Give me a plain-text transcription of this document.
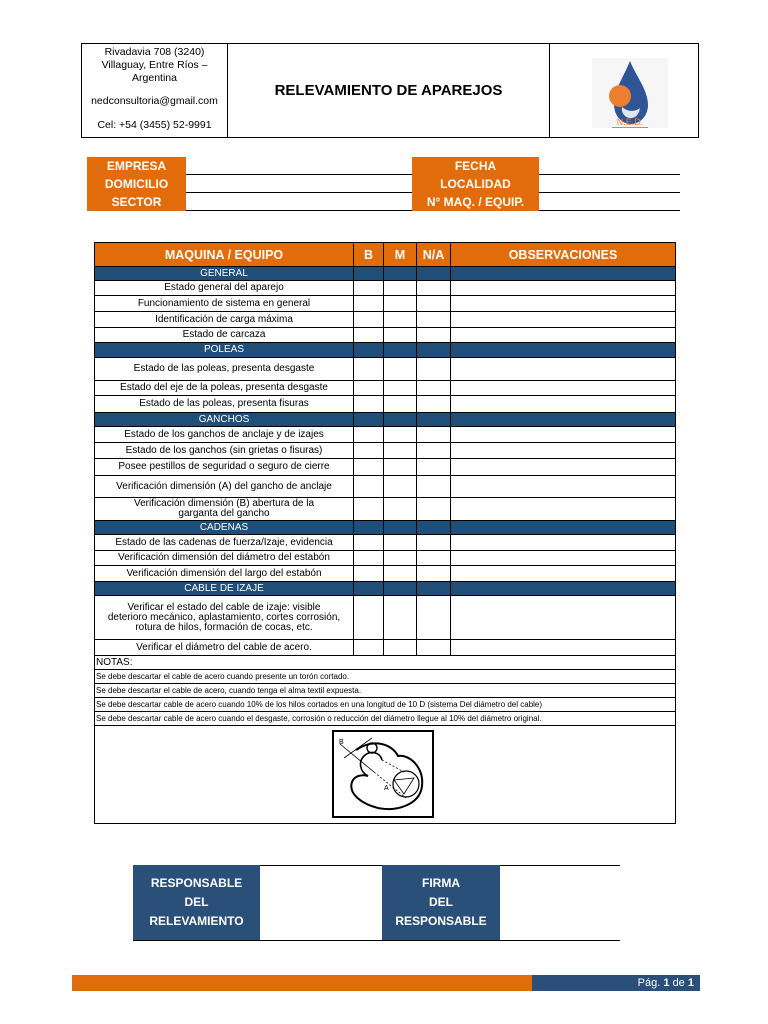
Rivadavia 708 (3240)
Villaguay, Entre Ríos –
Argentina
nedconsultoria@gmail.com
Cel: +54 (3455) 52-9991
RELEVAMIENTO DE APAREJOS
N.E.D.
EMPRESA
DOMICILIO
SECTOR
FECHA
LOCALIDAD
N° MAQ. / EQUIP.
MAQUINA / EQUIPO	B	M	N/A	OBSERVACIONES
GENERAL				
Estado general del aparejo				
Funcionamiento de sistema en general				
Identificación de carga máxima				
Estado de carcaza				
POLEAS				
Estado de las poleas, presenta desgaste				
Estado del eje de la poleas, presenta desgaste				
Estado de las poleas, presenta fisuras				
GANCHOS				
Estado de los ganchos de anclaje y de izajes				
Estado de los ganchos (sin grietas o fisuras)				
Posee pestillos de seguridad o seguro de cierre				
Verificación dimensión (A) del gancho de anclaje				
Verificación dimensión (B) abertura de la garganta del gancho				
CADENAS				
Estado de las cadenas de fuerza/Izaje, evidencia				
Verificación dimensión del diámetro del estabón				
Verificación dimensión del largo del estabón				
CABLE DE IZAJE				
Verificar el estado del cable de izaje: visible deterioro mecánico, aplastamiento, cortes corrosión, rotura de hilos, formación de cocas, etc.				
Verificar el diámetro del cable de acero.				
NOTAS:				
Se debe descartar el cable de acero cuando presente un torón cortado.				
Se debe descartar el cable de acero, cuando tenga el alma textil expuesta.				
Se debe descartar cable de acero cuando 10% de los hilos cortados en una longitud de 10 D (sistema Del diámetro del cable)				
Se debe descartar cable de acero cuando el desgaste, corrosión o reducción del diámetro llegue al 10% del diámetro original.				

B
A				
RESPONSABLE DEL RELEVAMIENTO
FIRMA
DEL
RESPONSABLE
Pág. 1 de 1
